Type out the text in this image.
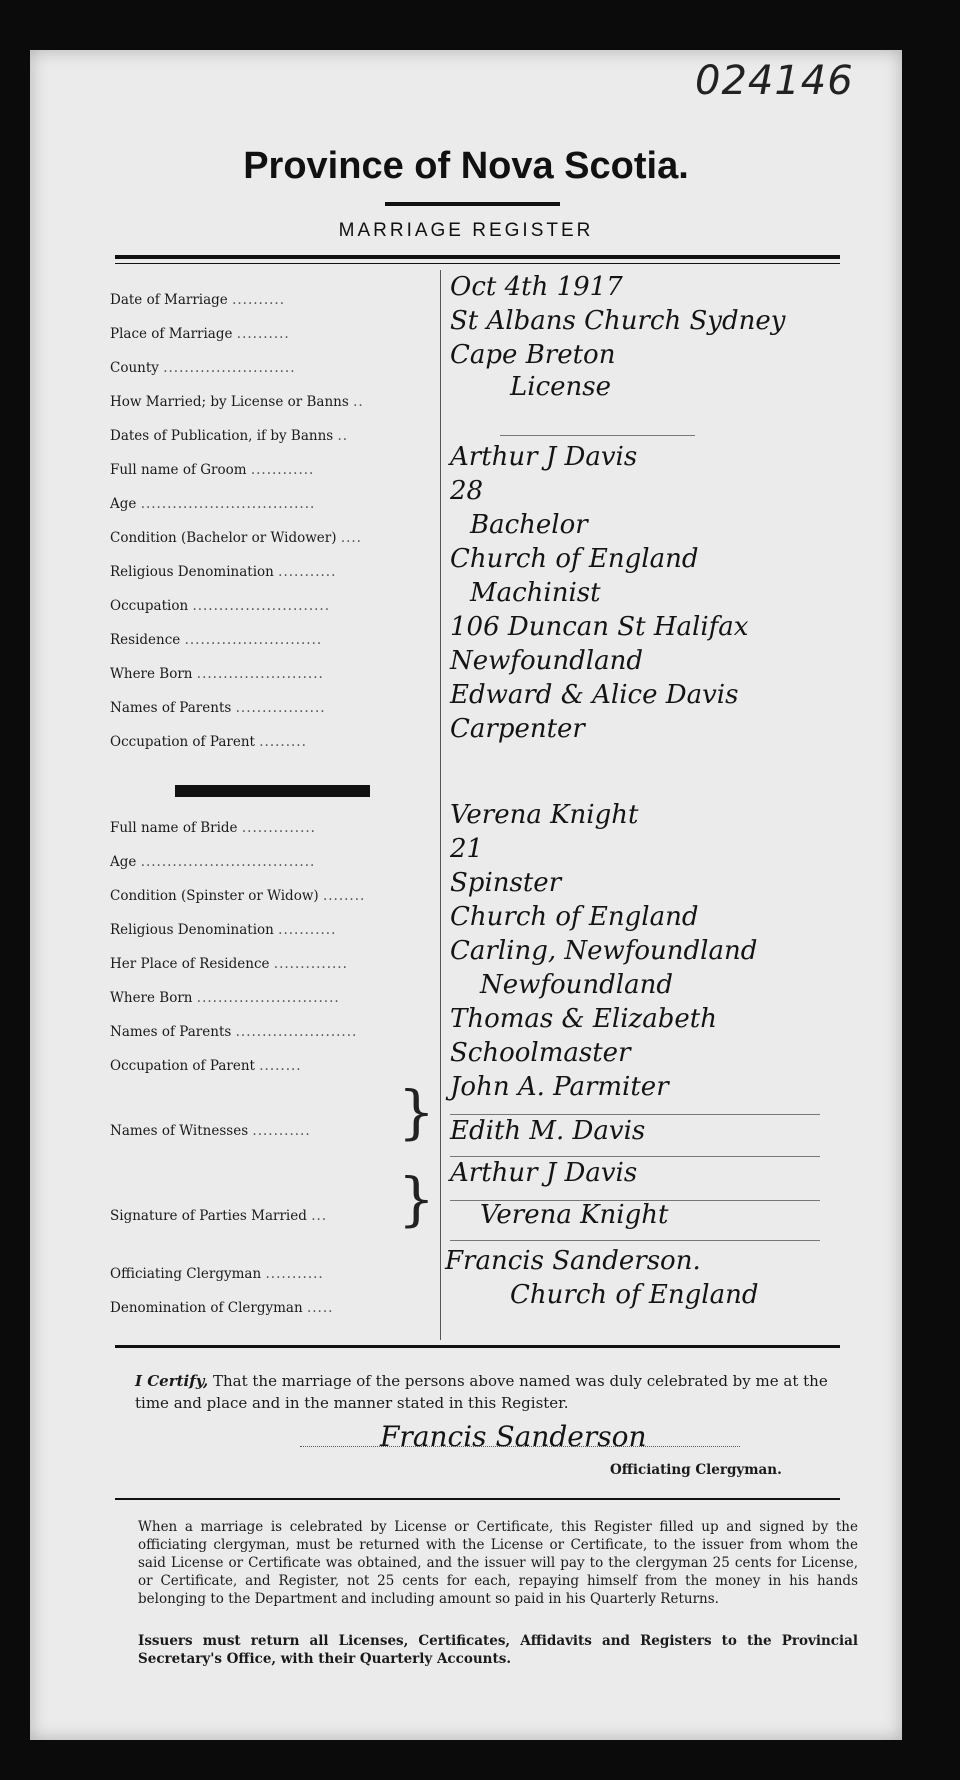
024146
Province of Nova Scotia.
MARRIAGE REGISTER
Date of Marriage ..........	Oct 4th 1917
Place of Marriage ..........	St Albans Church Sydney
County .........................	Cape Breton
How Married; by License or Banns ..	License
Dates of Publication, if by Banns ..
Full name of Groom ............	Arthur J Davis
Age .................................	28
Condition (Bachelor or Widower) ....	Bachelor
Religious Denomination ...........	Church of England
Occupation ..........................	Machinist
Residence ..........................	106 Duncan St Halifax
Where Born ........................	Newfoundland
Names of Parents .................	Edward & Alice Davis
Occupation of Parent .........	Carpenter
Full name of Bride ..............	Verena Knight
Age .................................	21
Condition (Spinster or Widow) ........	Spinster
Religious Denomination ...........	Church of England
Her Place of Residence ..............	Carling, Newfoundland
Where Born ...........................	Newfoundland
Names of Parents .......................	Thomas & Elizabeth
Occupation of Parent ........	Schoolmaster
John A. Parmiter
Names of Witnesses ........... } Edith M. Davis
Arthur J Davis
Signature of Parties Married ... } Verena Knight
Officiating Clergyman ...........	Francis Sanderson.
Denomination of Clergyman .....	Church of England
I Certify, That the marriage of the persons above named was duly celebrated by me at the time and place and in the manner stated in this Register.
Francis Sanderson
Officiating Clergyman.
When a marriage is celebrated by License or Certificate, this Register filled up and signed by the officiating clergyman, must be returned with the License or Certificate, to the issuer from whom the said License or Certificate was obtained, and the issuer will pay to the clergyman 25 cents for License, or Certificate, and Register, not 25 cents for each, repaying himself from the money in his hands belonging to the Department and including amount so paid in his Quarterly Returns.
Issuers must return all Licenses, Certificates, Affidavits and Registers to the Provincial Secretary's Office, with their Quarterly Accounts.
